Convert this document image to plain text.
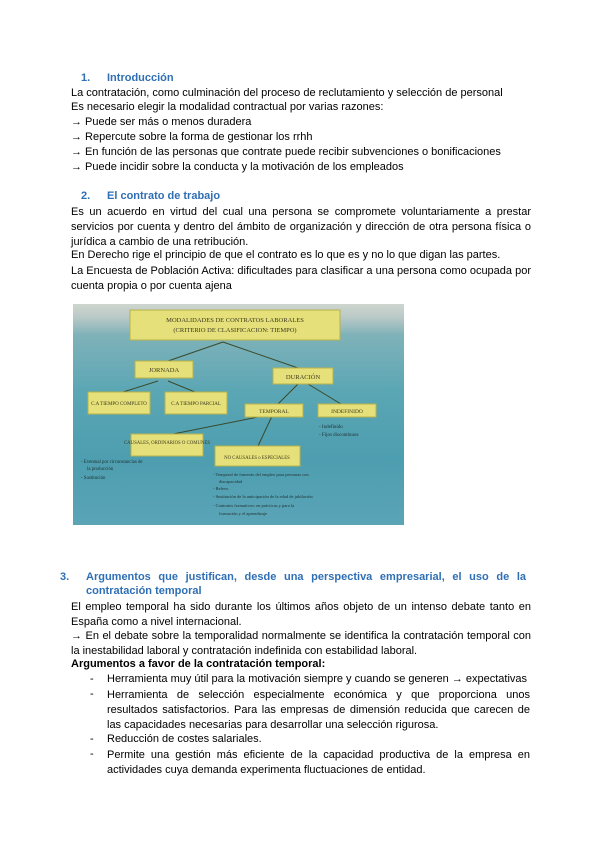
1. Introducción
La contratación, como culminación del proceso de reclutamiento y selección de personal
Es necesario elegir la modalidad contractual por varias razones:
→ Puede ser más o menos duradera
→ Repercute sobre la forma de gestionar los rrhh
→ En función de las personas que contrate puede recibir subvenciones o bonificaciones
→ Puede incidir sobre la conducta y la motivación de los empleados
2. El contrato de trabajo
Es un acuerdo en virtud del cual una persona se compromete voluntariamente a prestar servicios por cuenta y dentro del ámbito de organización y dirección de otra persona física o jurídica a cambio de una retribución.
En Derecho rige el principio de que el contrato es lo que es y no lo que digan las partes.
La Encuesta de Población Activa: dificultades para clasificar a una persona como ocupada por cuenta propia o por cuenta ajena
MODALIDADES DE CONTRATOS LABORALES
(CRITERIO DE CLASIFICACION: TIEMPO)
JORNADA
DURACIÓN
C.A TIEMPO COMPLETO	C.A TIEMPO PARCIAL
TEMPORAL	INDEFINIDO
- Indefinido
- Fijos discontinuos
CAUSALES, ORDINARIOS O COMUNES
NO CAUSALES o ESPECIALES
- Eventual por circunstancias de
la producción
- Sustitución
- Temporal de fomento del empleo para personas con
discapacidad
- Relevo
- Sustitución de la anticipación de la edad de jubilación
- Contratos formativos: en prácticas y para la
formación y el aprendizaje
3. Argumentos que justifican, desde una perspectiva empresarial, el uso de la contratación temporal
El empleo temporal ha sido durante los últimos años objeto de un intenso debate tanto en España como a nivel internacional.
→ En el debate sobre la temporalidad normalmente se identifica la contratación temporal con la inestabilidad laboral y contratación indefinida con estabilidad laboral.
Argumentos a favor de la contratación temporal:
- Herramienta muy útil para la motivación siempre y cuando se generen → expectativas
- Herramienta de selección especialmente económica y que proporciona unos resultados satisfactorios. Para las empresas de dimensión reducida que carecen de las capacidades necesarias para desarrollar una selección rigurosa.
- Reducción de costes salariales.
- Permite una gestión más eficiente de la capacidad productiva de la empresa en actividades cuya demanda experimenta fluctuaciones de entidad.
